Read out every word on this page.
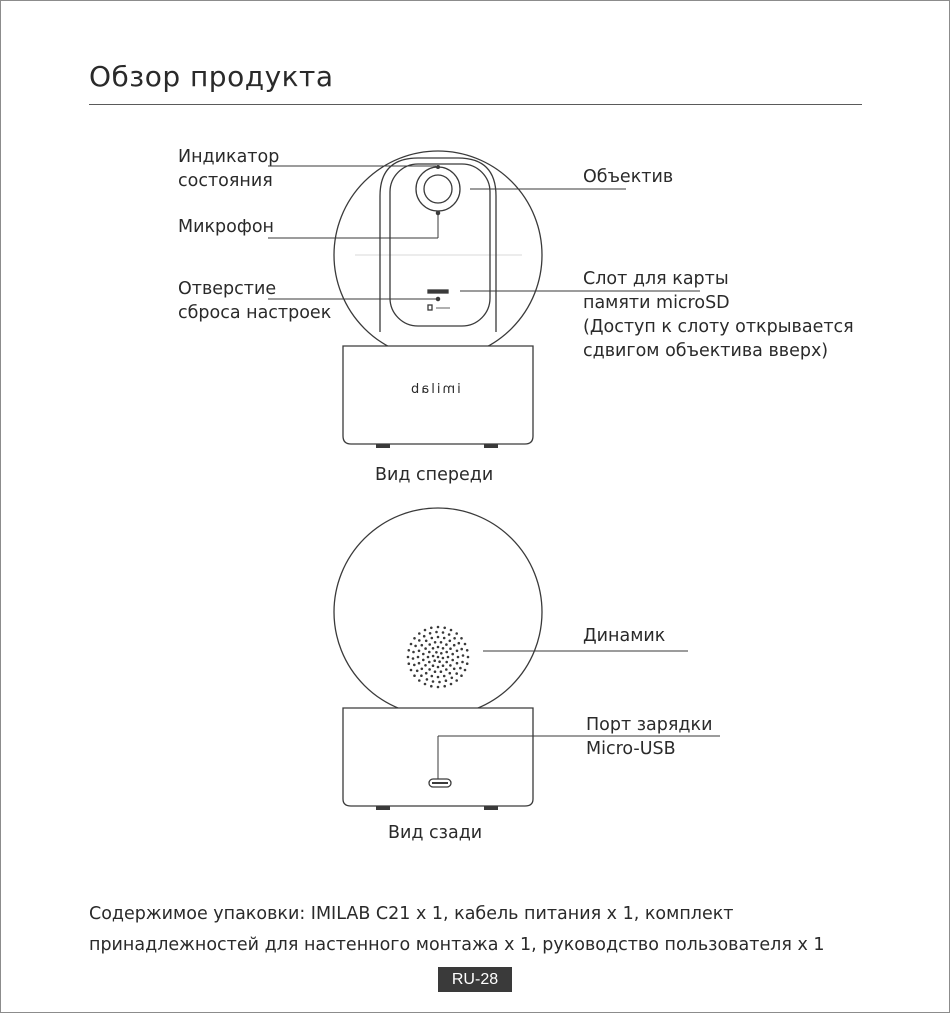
Обзор продукта
imilab
Индикатор
состояния
Микрофон
Отверстие
сброса настроек
Объектив
Слот для карты
памяти microSD
(Доступ к слоту открывается
сдвигом объектива вверх)
Вид спереди
Динамик
Порт зарядки
Micro-USB
Вид сзади
Содержимое упаковки: IMILAB C21 x 1, кабель питания x 1, комплект
принадлежностей для настенного монтажа x 1, руководство пользователя x 1
RU-28
